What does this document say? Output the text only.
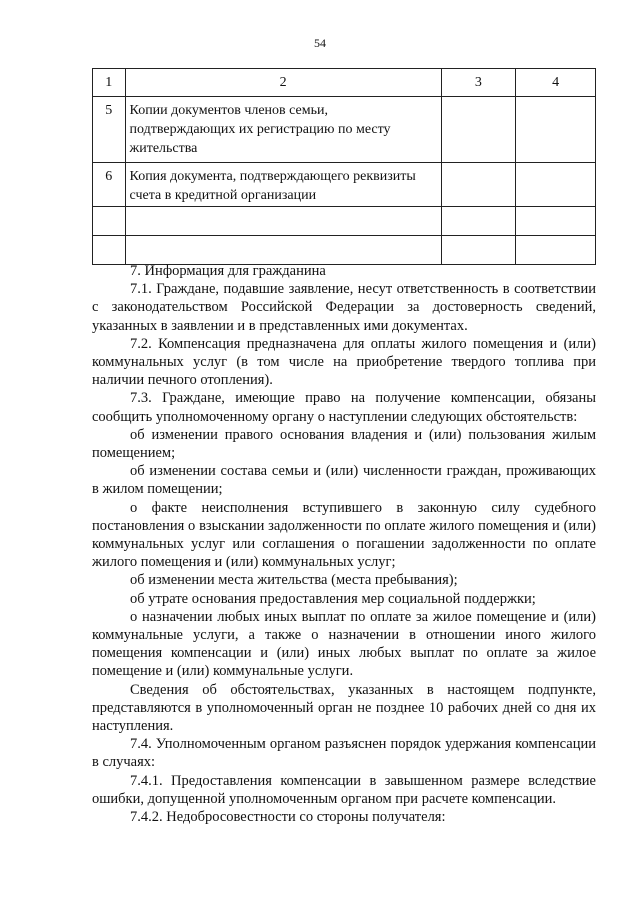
54
1	2	3	4
5	Копии документов членов семьи, подтверждающих их регистрацию по месту жительства		
6	Копия документа, подтверждающего реквизиты счета в кредитной организации		

7. Информация для гражданина

7.1. Граждане, подавшие заявление, несут ответственность в соответствии с законодательством Российской Федерации за достоверность сведений, указанных в заявлении и в представленных ими документах.

7.2. Компенсация предназначена для оплаты жилого помещения и (или) коммунальных услуг (в том числе на приобретение твердого топлива при наличии печного отопления).

7.3. Граждане, имеющие право на получение компенсации, обязаны сообщить уполномоченному органу о наступлении следующих обстоятельств:

об изменении правого основания владения и (или) пользования жилым помещением;

об изменении состава семьи и (или) численности граждан, проживающих в жилом помещении;

о факте неисполнения вступившего в законную силу судебного постановления о взыскании задолженности по оплате жилого помещения и (или) коммунальных услуг или соглашения о погашении задолженности по оплате жилого помещения и (или) коммунальных услуг;

об изменении места жительства (места пребывания);

об утрате основания предоставления мер социальной поддержки;

о назначении любых иных выплат по оплате за жилое помещение и (или) коммунальные услуги, а также о назначении в отношении иного жилого помещения компенсации и (или) иных любых выплат по оплате за жилое помещение и (или) коммунальные услуги.

Сведения об обстоятельствах, указанных в настоящем подпункте, представляются в уполномоченный орган не позднее 10 рабочих дней со дня их наступления.

7.4. Уполномоченным органом разъяснен порядок удержания компенсации в случаях:

7.4.1. Предоставления компенсации в завышенном размере вследствие ошибки, допущенной уполномоченным органом при расчете компенсации.

7.4.2. Недобросовестности со стороны получателя:
